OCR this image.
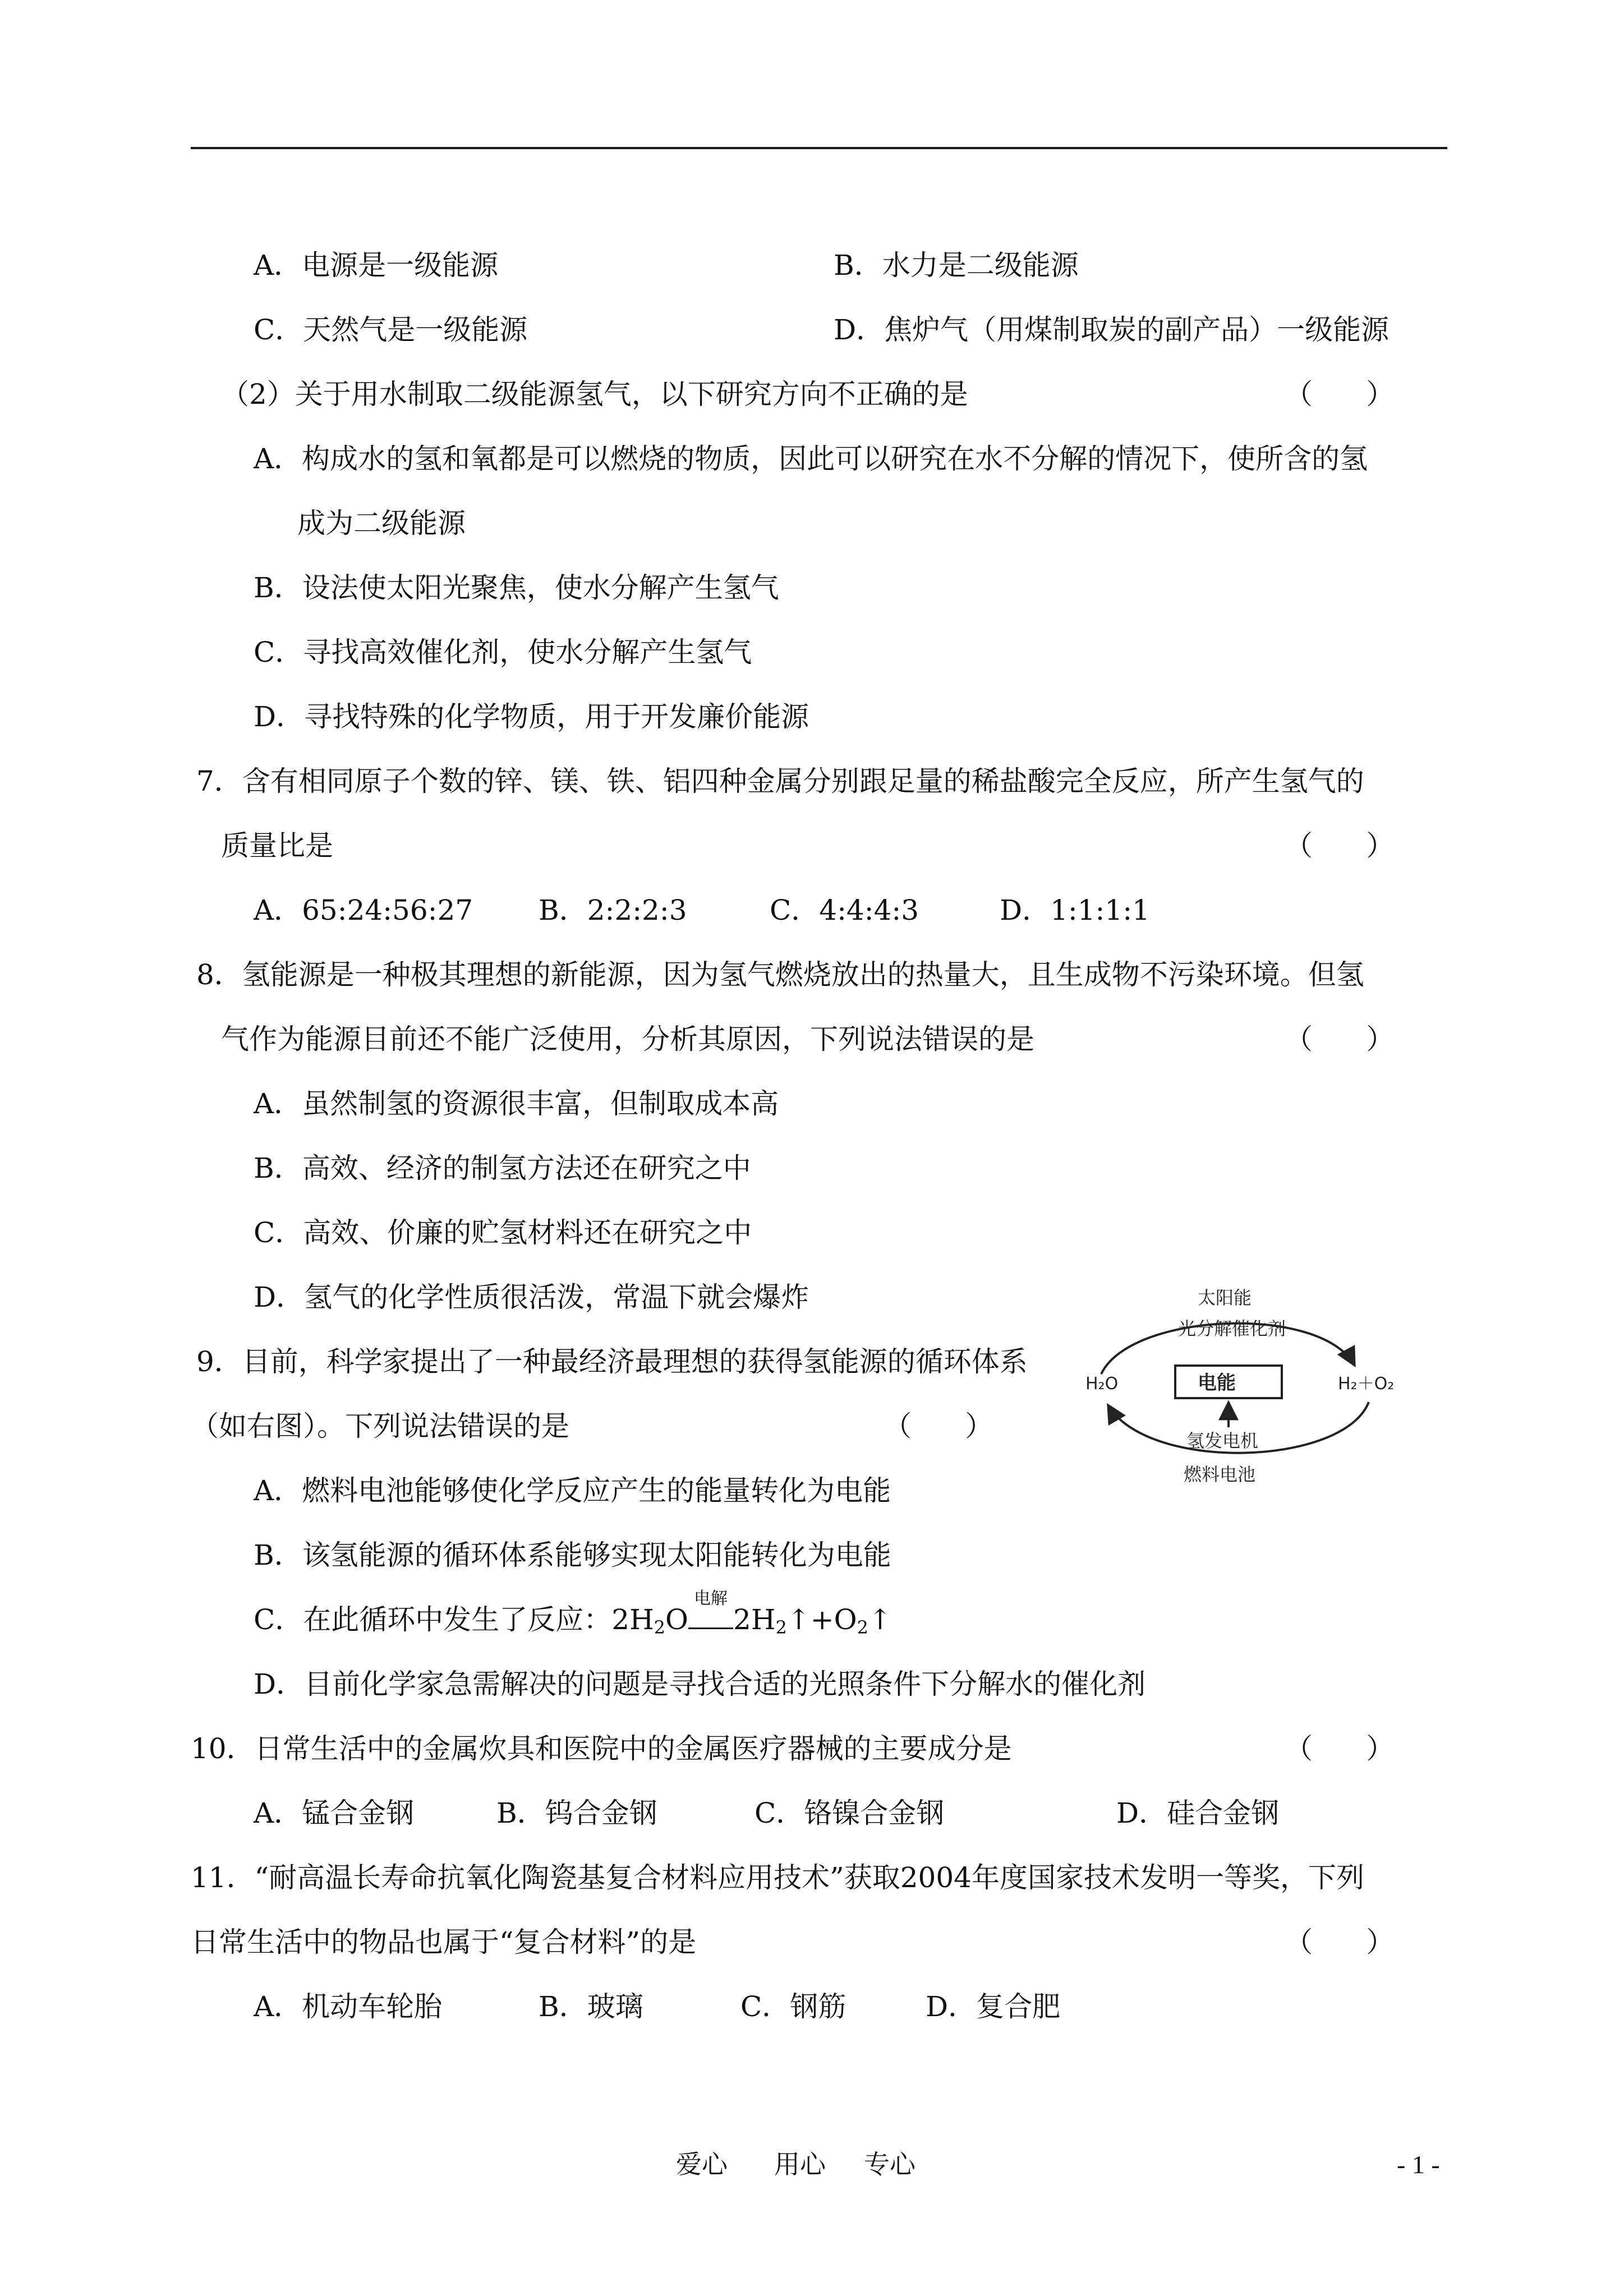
A．电源是一级能源	B．水力是二级能源
C．天然气是一级能源	D．焦炉气（用煤制取炭的副产品）一级能源
（2）关于用水制取二级能源氢气，以下研究方向不正确的是	（      ）
A．构成水的氢和氧都是可以燃烧的物质，因此可以研究在水不分解的情况下，使所含的氢
成为二级能源
B．设法使太阳光聚焦，使水分解产生氢气
C．寻找高效催化剂，使水分解产生氢气
D．寻找特殊的化学物质，用于开发廉价能源
7．含有相同原子个数的锌、镁、铁、铝四种金属分别跟足量的稀盐酸完全反应，所产生氢气的
质量比是	（      ）
A．65:24:56:27 B．2:2:2:3	C．4:4:4:3	D．1:1:1:1
8．氢能源是一种极其理想的新能源，因为氢气燃烧放出的热量大，且生成物不污染环境。但氢
气作为能源目前还不能广泛使用，分析其原因，下列说法错误的是	（      ）
A．虽然制氢的资源很丰富，但制取成本高
B．高效、经济的制氢方法还在研究之中
C．高效、价廉的贮氢材料还在研究之中
D．氢气的化学性质很活泼，常温下就会爆炸
9．目前，科学家提出了一种最经济最理想的获得氢能源的循环体系
（如右图）。下列说法错误的是	（      ）
A．燃料电池能够使化学反应产生的能量转化为电能
B．该氢能源的循环体系能够实现太阳能转化为电能
C．在此循环中发生了反应：$2H_2O$
电解
$2H_2↑+O_2↑$
D．目前化学家急需解决的问题是寻找合适的光照条件下分解水的催化剂
太阳能
光分解催化剂
H₂O	电能	H₂＋O₂
氢发电机
燃料电池
10．日常生活中的金属炊具和医院中的金属医疗器械的主要成分是	（      ）
A．锰合金钢	B．钨合金钢	C．铬镍合金钢	D．硅合金钢
11．“耐高温长寿命抗氧化陶瓷基复合材料应用技术”获取2004年度国家技术发明一等奖，下列
日常生活中的物品也属于“复合材料”的是	（      ）
A．机动车轮胎	B．玻璃	C．钢筋	D．复合肥
爱心 用心 专心	- 1 -
